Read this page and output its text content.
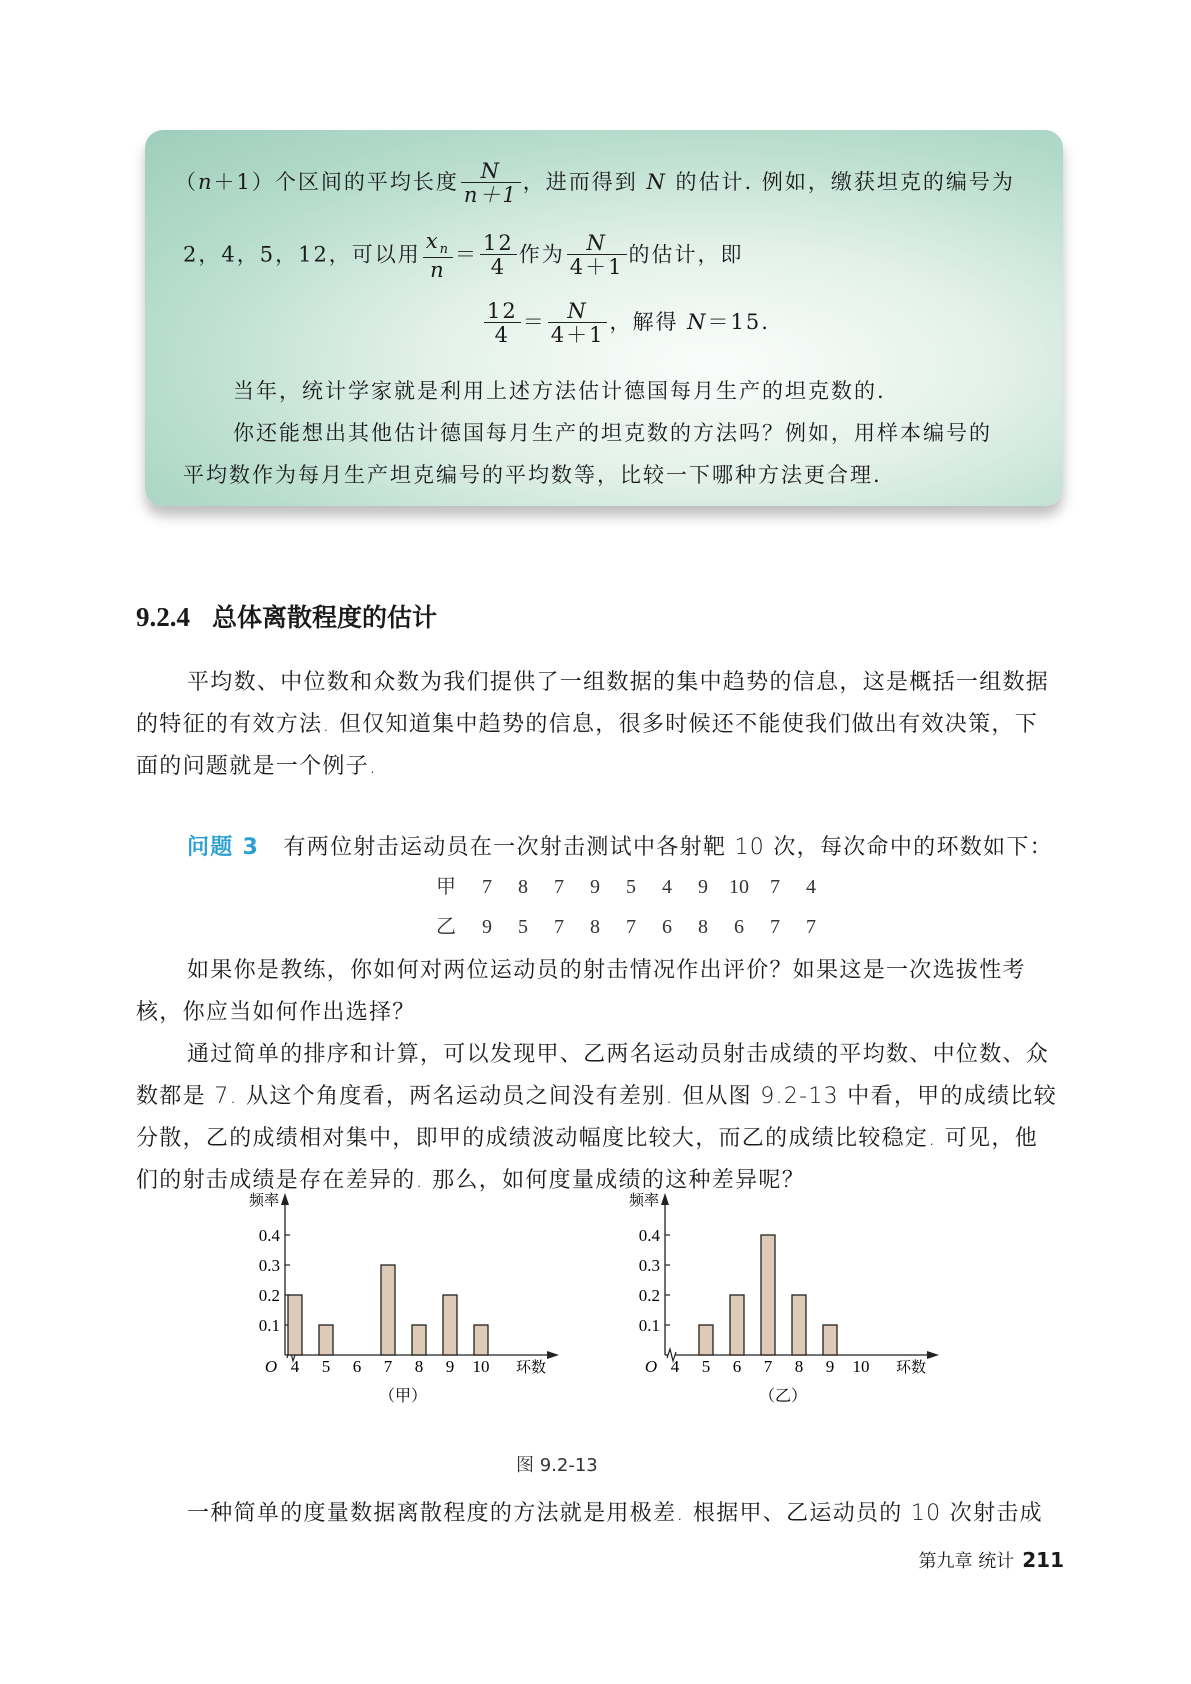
（n＋1）个区间的平均长度 $\frac{N}{n+1}$ ，进而得到 N 的估计. 例如，缴获坦克的编号为
2，4，5，12，可以用 $\frac{x_n}{n} = \frac{12}{4}$ 作为 $\frac{N}{4+1}$ 的估计，即
$\frac{12}{4} = \frac{N}{4+1}$ ，解得 N＝15.
当年，统计学家就是利用上述方法估计德国每月生产的坦克数的.
你还能想出其他估计德国每月生产的坦克数的方法吗？例如，用样本编号的
平均数作为每月生产坦克编号的平均数等，比较一下哪种方法更合理.
9.2.4 总体离散程度的估计
平均数、中位数和众数为我们提供了一组数据的集中趋势的信息，这是概括一组数据
的特征的有效方法. 但仅知道集中趋势的信息，很多时候还不能使我们做出有效决策，下
面的问题就是一个例子.
问题 3 有两位射击运动员在一次射击测试中各射靶 10 次，每次命中的环数如下：
甲 7 8 7 9 5 4 9 10 7 4
乙 9 5 7 8 7 6 8 6 7 7
如果你是教练，你如何对两位运动员的射击情况作出评价？如果这是一次选拔性考
核，你应当如何作出选择？
通过简单的排序和计算，可以发现甲、乙两名运动员射击成绩的平均数、中位数、众
数都是 7. 从这个角度看，两名运动员之间没有差别. 但从图 9.2-13 中看，甲的成绩比较
分散，乙的成绩相对集中，即甲的成绩波动幅度比较大，而乙的成绩比较稳定. 可见，他
们的射击成绩是存在差异的. 那么，如何度量成绩的这种差异呢？
O
频率
环数
0.1
0.2
0.3
0.4
4 5 6 7 8 9 10
（甲）
O
频率
环数
0.1
0.2
0.3
0.4
4 5 6 7 8 9 10
（乙）
图 9.2-13
一种简单的度量数据离散程度的方法就是用极差. 根据甲、乙运动员的 10 次射击成
第九章 统计 211
